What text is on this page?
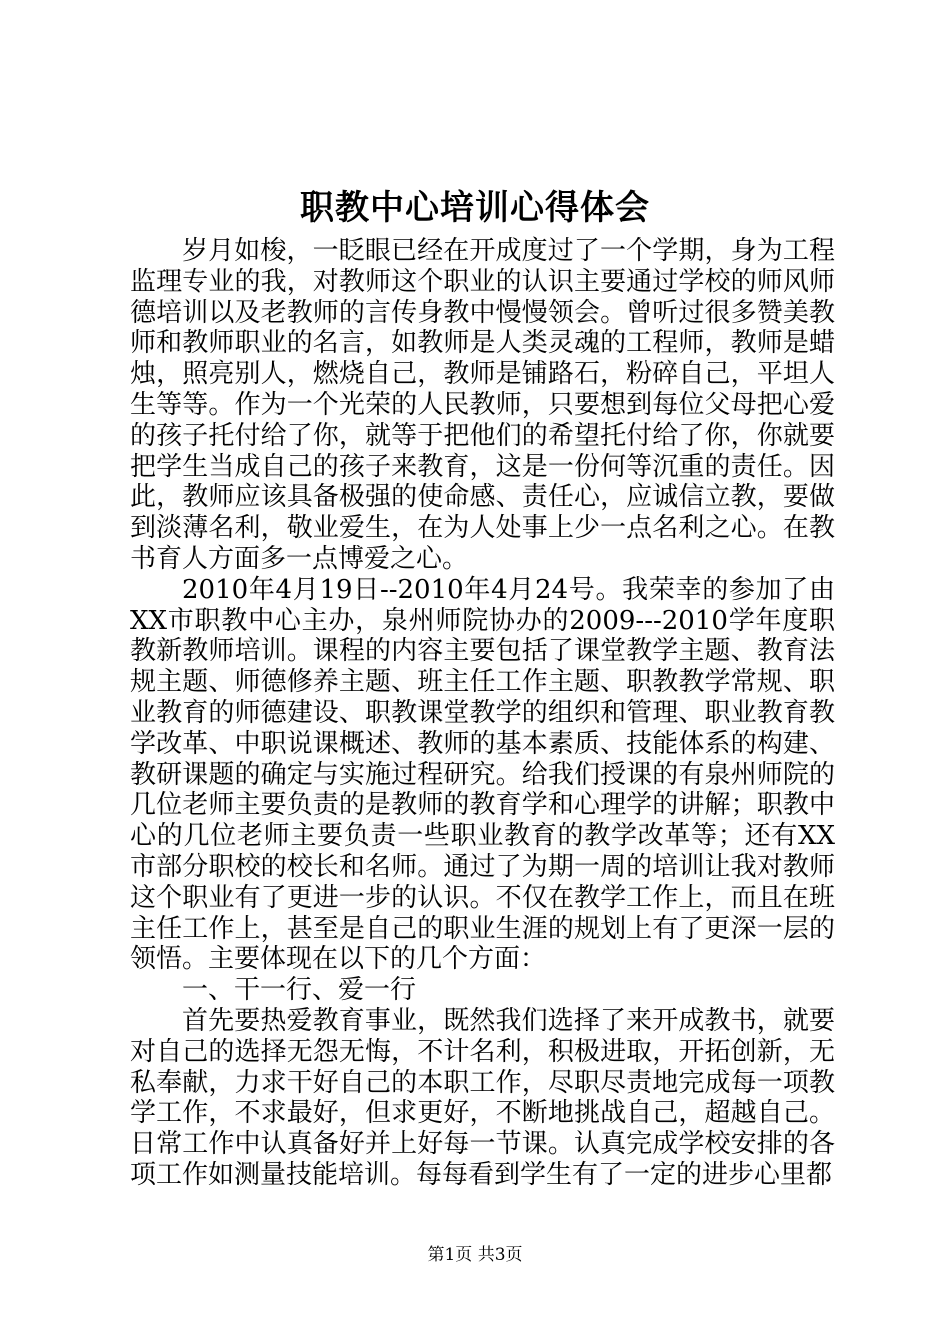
职教中心培训心得体会

岁月如梭，一眨眼已经在开成度过了一个学期，身为工程监理专业的我，对教师这个职业的认识主要通过学校的师风师德培训以及老教师的言传身教中慢慢领会。曾听过很多赞美教师和教师职业的名言，如教师是人类灵魂的工程师，教师是蜡烛，照亮别人，燃烧自己，教师是铺路石，粉碎自己，平坦人生等等。作为一个光荣的人民教师，只要想到每位父母把心爱的孩子托付给了你，就等于把他们的希望托付给了你，你就要把学生当成自己的孩子来教育，这是一份何等沉重的责任。因此，教师应该具备极强的使命感、责任心，应诚信立教，要做到淡薄名利，敬业爱生，在为人处事上少一点名利之心。在教书育人方面多一点博爱之心。

2010年4月19日--2010年4月24号。我荣幸的参加了由XX市职教中心主办，泉州师院协办的2009---2010学年度职教新教师培训。课程的内容主要包括了课堂教学主题、教育法规主题、师德修养主题、班主任工作主题、职教教学常规、职业教育的师德建设、职教课堂教学的组织和管理、职业教育教学改革、中职说课概述、教师的基本素质、技能体系的构建、教研课题的确定与实施过程研究。给我们授课的有泉州师院的几位老师主要负责的是教师的教育学和心理学的讲解；职教中心的几位老师主要负责一些职业教育的教学改革等；还有XX市部分职校的校长和名师。通过了为期一周的培训让我对教师这个职业有了更进一步的认识。不仅在教学工作上，而且在班主任工作上，甚至是自己的职业生涯的规划上有了更深一层的领悟。主要体现在以下的几个方面：

一、干一行、爱一行

首先要热爱教育事业，既然我们选择了来开成教书，就要对自己的选择无怨无悔，不计名利，积极进取，开拓创新，无私奉献，力求干好自己的本职工作，尽职尽责地完成每一项教学工作，不求最好，但求更好，不断地挑战自己，超越自己。日常工作中认真备好并上好每一节课。认真完成学校安排的各项工作如测量技能培训。每每看到学生有了一定的进步心里都

第1页 共3页
